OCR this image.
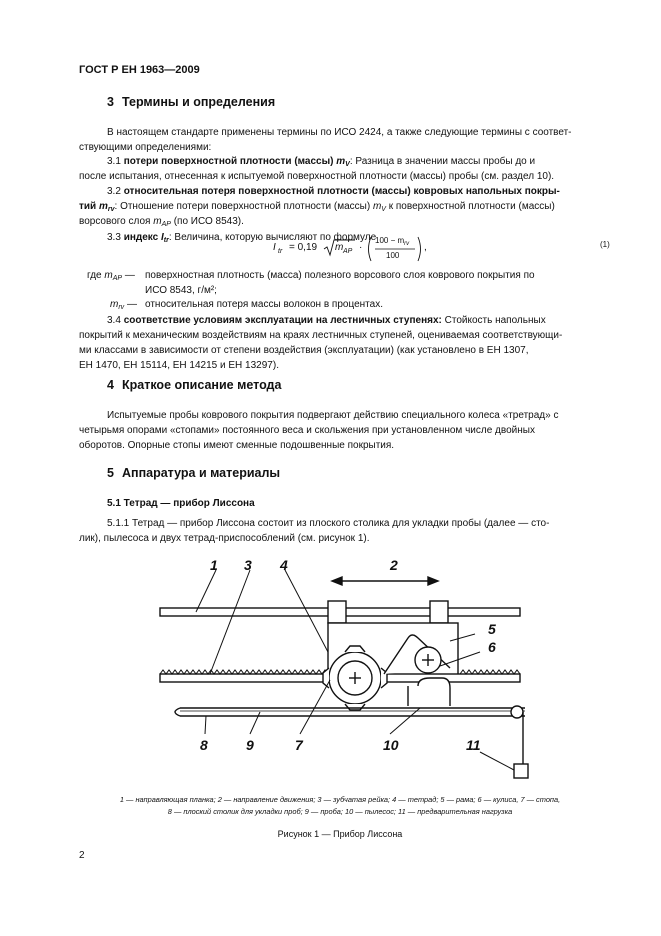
ГОСТ Р ЕН 1963—2009
3 Термины и определения
В настоящем стандарте применены термины по ИСО 2424, а также следующие термины с соответ-
ствующими определениями:
3.1 потери поверхностной плотности (массы) $m_V$: Разница в значении массы пробы до и
после испытания, отнесенная к испытуемой поверхностной плотности (массы) пробы (см. раздел 10).
3.2 относительная потеря поверхностной плотности (массы) ковровых напольных покры-
тий $m_{rv}$: Отношение потери поверхностной плотности (массы) $m_V$ к поверхностной плотности (массы)
ворсового слоя $m_{AP}$ (по ИСО 8543).
3.3 индекс $I_{tr}$: Величина, которую вычисляют по формуле
I tr = 0,19 m AP ·
$100 - m_{rv}$
100
,	(1)
где $m_{AP}$ — поверхностная плотность (масса) полезного ворсового слоя коврового покрытия по
ИСО 8543, г/м²;
$m_{rv}$ — относительная потеря массы волокон в процентах.
3.4 соответствие условиям эксплуатации на лестничных ступенях: Стойкость напольных
покрытий к механическим воздействиям на краях лестничных ступеней, оцениваемая соответствующи-
ми классами в зависимости от степени воздействия (эксплуатации) (как установлено в ЕН 1307,
ЕН 1470, ЕН 15114, ЕН 14215 и ЕН 13297).
4 Краткое описание метода
Испытуемые пробы коврового покрытия подвергают действию специального колеса «третрад» с
четырьмя опорами «стопами» постоянного веса и скольжения при установленном числе двойных
оборотов. Опорные стопы имеют сменные подошвенные покрытия.
5 Аппаратура и материалы
5.1 Тетрад — прибор Лиссона
5.1.1 Тетрад — прибор Лиссона состоит из плоского столика для укладки пробы (далее — сто-
лик), пылесоса и двух тетрад-приспособлений (см. рисунок 1).
1	2
3 4
5
6
7
8	9	10	11
1 — направляющая планка; 2 — направление движения; 3 — зубчатая рейка; 4 — тетрад; 5 — рама; 6 — кулиса, 7 — стопа,
8 — плоский столик для укладки проб; 9 — проба; 10 — пылесос; 11 — предварительная нагрузка
Рисунок 1 — Прибор Лиссона
2
